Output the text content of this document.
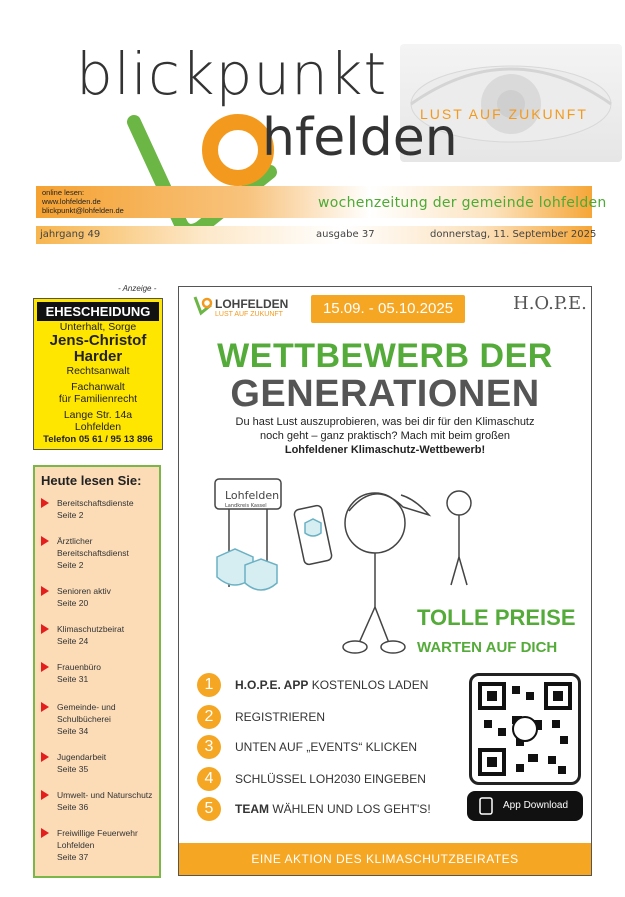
blickpunkt
hfelden
LUST AUF ZUKUNFT
online lesen:
www.lohfelden.de
blickpunkt@lohfelden.de	wochenzeitung der gemeinde lohfelden
jahrgang 49	ausgabe 37	donnerstag, 11. September 2025
- Anzeige -
EHESCHEIDUNG
Unterhalt, Sorge
Jens-Christof
Harder
Rechtsanwalt
Fachanwalt
für Familienrecht
Lange Str. 14a
Lohfelden
Telefon 05 61 / 95 13 896
Heute lesen Sie:
Bereitschaftsdienste
Seite 2
Ärztlicher
Bereitschaftsdienst
Seite 2
Senioren aktiv
Seite 20
Klimaschutzbeirat
Seite 24
Frauenbüro
Seite 31
Gemeinde- und
Schulbücherei
Seite 34
Jugendarbeit
Seite 35
Umwelt- und Naturschutz
Seite 36
Freiwillige Feuerwehr
Lohfelden
Seite 37
LOHFELDEN
LUST AUF ZUKUNFT	15.09. - 05.10.2025	H.O.P.E.
WETTBEWERB DER
GENERATIONEN
Du hast Lust auszuprobieren, was bei dir für den Klimaschutz
noch geht – ganz praktisch? Mach mit beim großen
Lohfeldener Klimaschutz-Wettbewerb!
Lohfelden
Landkreis Kassel
TOLLE PREISE
WARTEN AUF DICH
1	H.O.P.E. APP KOSTENLOS LADEN
2	REGISTRIEREN
3	UNTEN AUF „EVENTS“ KLICKEN
4	SCHLÜSSEL LOH2030 EINGEBEN
5	TEAM WÄHLEN UND LOS GEHT'S!	App Download
EINE AKTION DES KLIMASCHUTZBEIRATES
